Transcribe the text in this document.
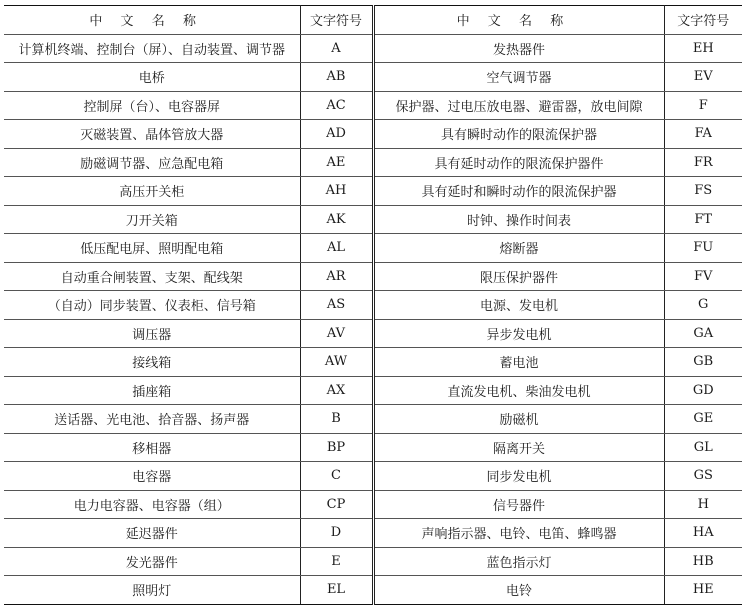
中文名称	文字符号	中文名称	文字符号
计算机终端、控制台（屏）、自动装置、调节器	A	发热器件	EH
电桥	AB	空气调节器	EV
控制屏（台）、电容器屏	AC	保护器、过电压放电器、避雷器，放电间隙	F
灭磁装置、晶体管放大器	AD	具有瞬时动作的限流保护器	FA
励磁调节器、应急配电箱	AE	具有延时动作的限流保护器件	FR
高压开关柜	AH	具有延时和瞬时动作的限流保护器	FS
刀开关箱	AK	时钟、操作时间表	FT
低压配电屏、照明配电箱	AL	熔断器	FU
自动重合闸装置、支架、配线架	AR	限压保护器件	FV
（自动）同步装置、仪表柜、信号箱	AS	电源、发电机	G
调压器	AV	异步发电机	GA
接线箱	AW	蓄电池	GB
插座箱	AX	直流发电机、柴油发电机	GD
送话器、光电池、拾音器、扬声器	B	励磁机	GE
移相器	BP	隔离开关	GL
电容器	C	同步发电机	GS
电力电容器、电容器（组）	CP	信号器件	H
延迟器件	D	声响指示器、电铃、电笛、蜂鸣器	HA
发光器件	E	蓝色指示灯	HB
照明灯	EL	电铃	HE
